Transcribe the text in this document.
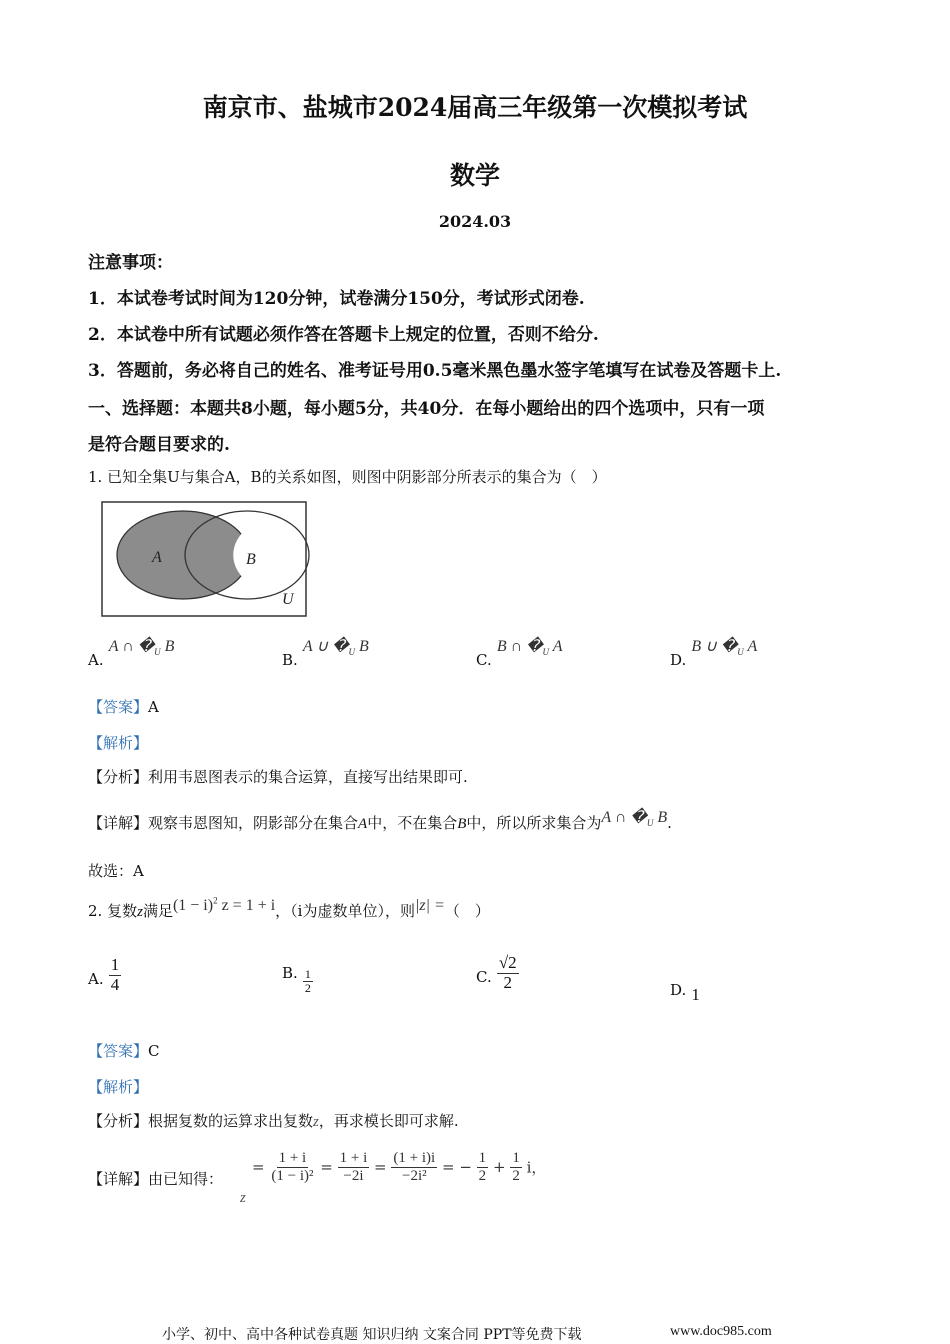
南京市、盐城市2024届高三年级第一次模拟考试
数学
2024.03
注意事项：
1．本试卷考试时间为120分钟，试卷满分150分，考试形式闭卷.
2．本试卷中所有试题必须作答在答题卡上规定的位置，否则不给分.
3．答题前，务必将自己的姓名、准考证号用0.5毫米黑色墨水签字笔填写在试卷及答题卡上.
一、选择题：本题共8小题，每小题5分，共40分．在每小题给出的四个选项中，只有一项
是符合题目要求的.
1. 已知全集U与集合A，B的关系如图，则图中阴影部分所表示的集合为（　）
A	B
U
A. A ∩ $�_U$ B
B. A ∪ $�_U$ B
C. B ∩ $�_U$ A
D. B ∪ $�_U$ A
【答案】A
【解析】
【分析】利用韦恩图表示的集合运算，直接写出结果即可.
【详解】观察韦恩图知，阴影部分在集合A中，不在集合B中，所以所求集合为A ∩ $�_U$ B.
故选：A
2. 复数z满足$(1 - i)^2$ z = 1 + i，（i为虚数单位），则|z| =（　）
A. $\frac{1}{4}$	B. $\frac{1}{2}$	C. $\frac{√2}{2}$	D. 1
【答案】C
【解析】
【分析】根据复数的运算求出复数z，再求模长即可求解.
【详解】由已知得：
z
= $\frac{1 + i}{\text{(1 − i)²}} = \frac{1 + i}{-2i} = \frac{(1 + i)i}{\text{−2i²}}$ = − $\frac{1}{2} + \frac{1}{2}$ i，
小学、初中、高中各种试卷真题 知识归纳 文案合同 PPT等免费下载	www.doc985.com
